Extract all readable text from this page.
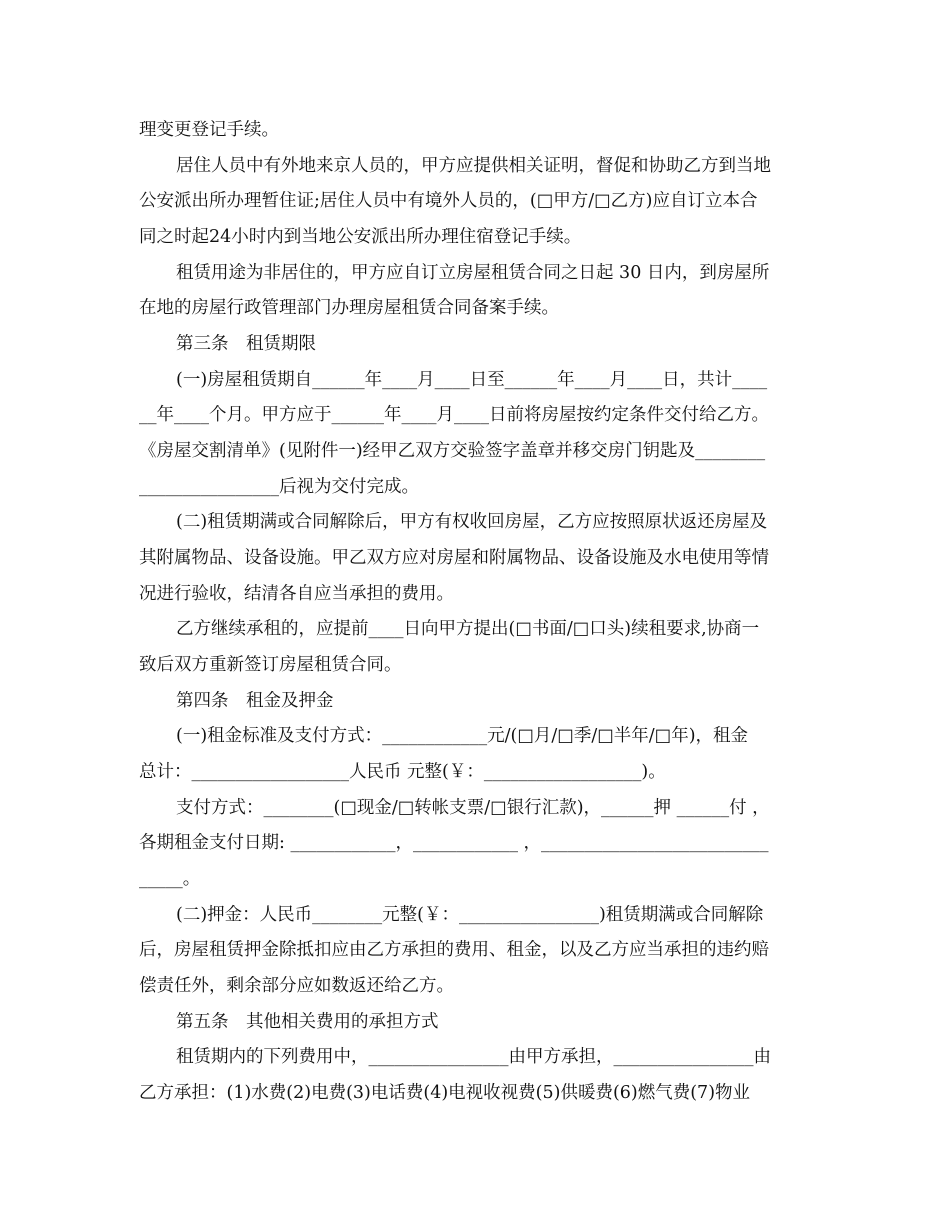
理变更登记手续。
居住人员中有外地来京人员的，甲方应提供相关证明，督促和协助乙方到当地
公安派出所办理暂住证;居住人员中有境外人员的，(□甲方/□乙方)应自订立本合
同之时起24小时内到当地公安派出所办理住宿登记手续。
租赁用途为非居住的，甲方应自订立房屋租赁合同之日起 30 日内，到房屋所
在地的房屋行政管理部门办理房屋租赁合同备案手续。
第三条　租赁期限
(一)房屋租赁期自______年____月____日至______年____月____日，共计____
__年____个月。甲方应于______年____月____日前将房屋按约定条件交付给乙方。
《房屋交割清单》(见附件一)经甲乙双方交验签字盖章并移交房门钥匙及________
________________后视为交付完成。
(二)租赁期满或合同解除后，甲方有权收回房屋，乙方应按照原状返还房屋及
其附属物品、设备设施。甲乙双方应对房屋和附属物品、设备设施及水电使用等情
况进行验收，结清各自应当承担的费用。
乙方继续承租的，应提前____日向甲方提出(□书面/□口头)续租要求,协商一
致后双方重新签订房屋租赁合同。
第四条　租金及押金
(一)租金标准及支付方式：____________元/(□月/□季/□半年/□年)，租金
总计：__________________人民币 元整(￥：__________________)。
支付方式：________(□现金/□转帐支票/□银行汇款)，______押 ______付 ，
各期租金支付日期: ____________，____________ ，__________________________
_____。
(二)押金：人民币________元整(￥：________________)租赁期满或合同解除
后，房屋租赁押金除抵扣应由乙方承担的费用、租金，以及乙方应当承担的违约赔
偿责任外，剩余部分应如数返还给乙方。
第五条　其他相关费用的承担方式
租赁期内的下列费用中，________________由甲方承担，________________由
乙方承担：(1)水费(2)电费(3)电话费(4)电视收视费(5)供暖费(6)燃气费(7)物业
